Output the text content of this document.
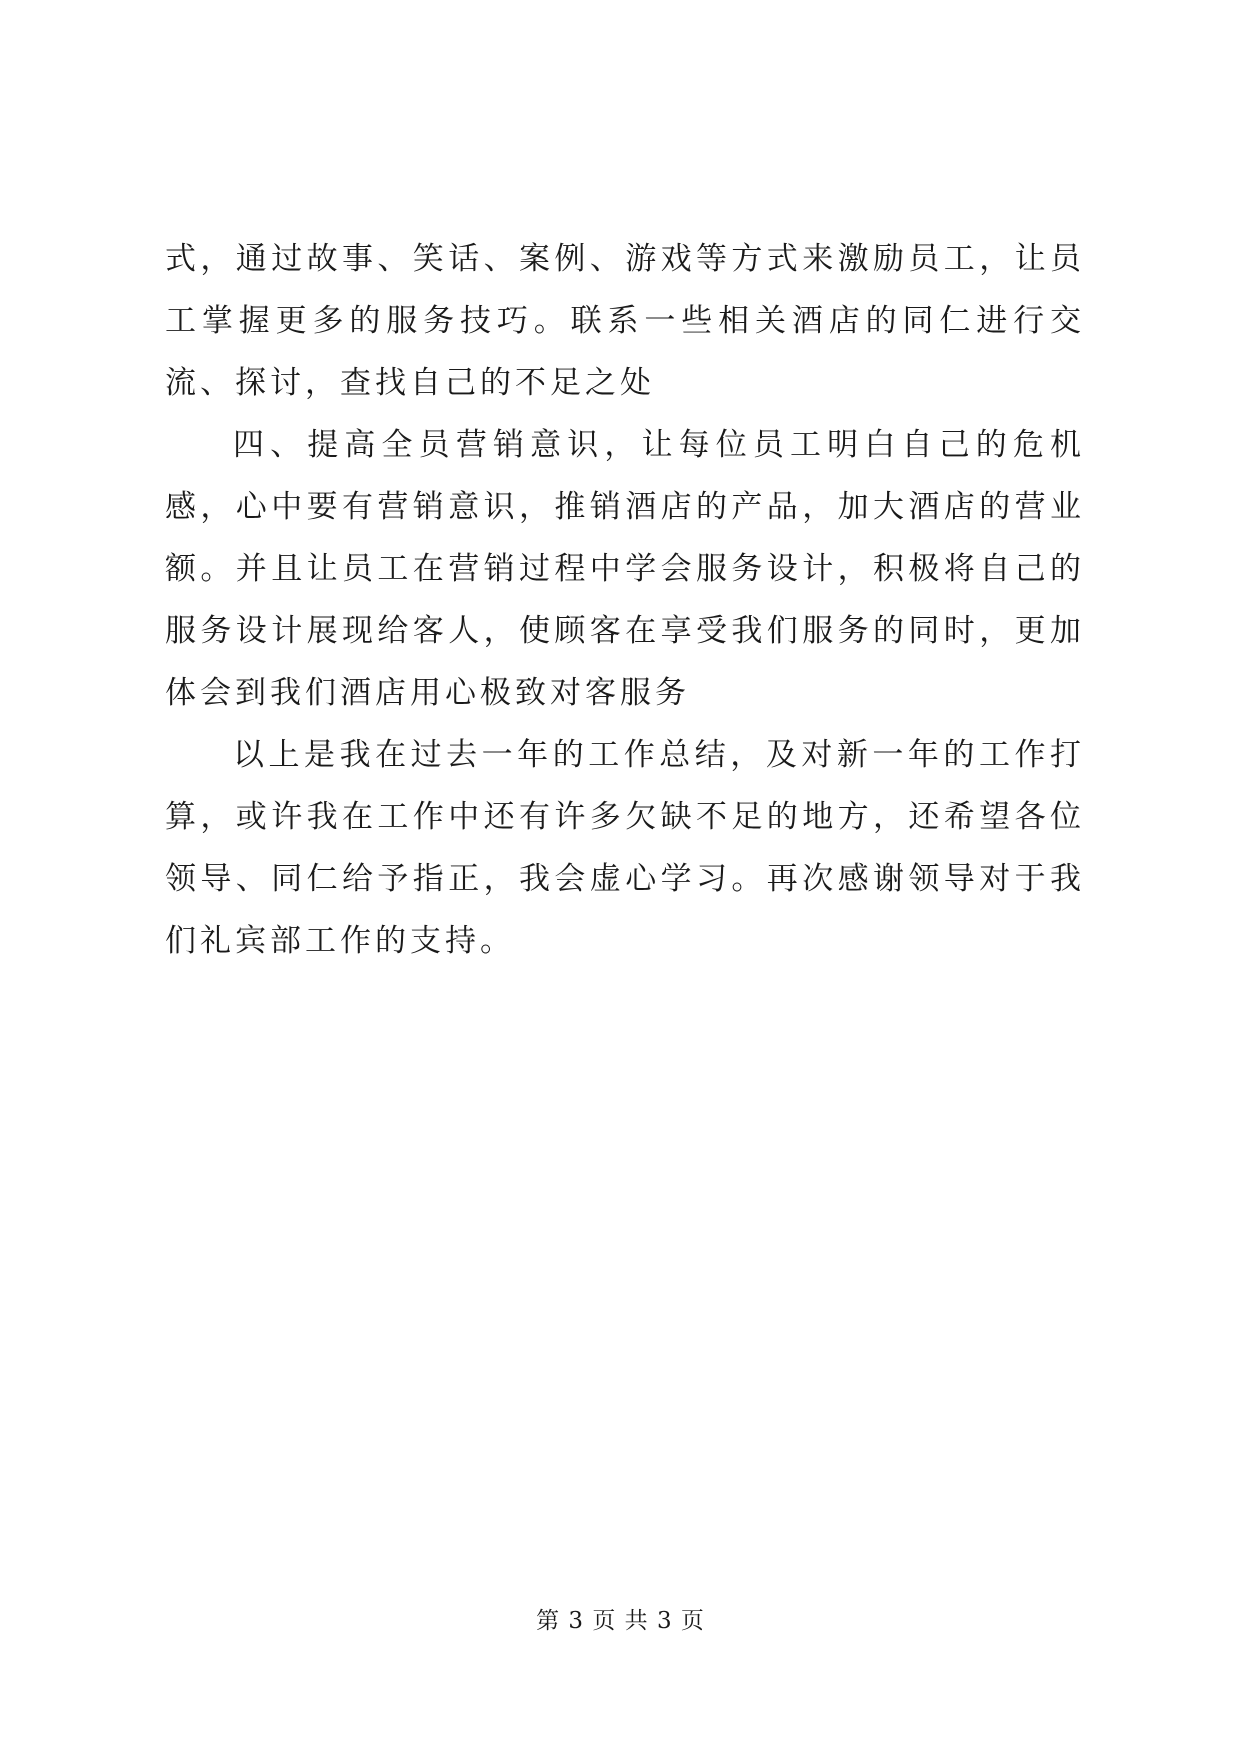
式，通过故事、笑话、案例、游戏等方式来激励员工，让员工掌握更多的服务技巧。联系一些相关酒店的同仁进行交流、探讨，查找自己的不足之处

四、提高全员营销意识，让每位员工明白自己的危机感，心中要有营销意识，推销酒店的产品，加大酒店的营业额。并且让员工在营销过程中学会服务设计，积极将自己的服务设计展现给客人，使顾客在享受我们服务的同时，更加体会到我们酒店用心极致对客服务

以上是我在过去一年的工作总结，及对新一年的工作打算，或许我在工作中还有许多欠缺不足的地方，还希望各位领导、同仁给予指正，我会虚心学习。再次感谢领导对于我们礼宾部工作的支持。

第 3 页 共 3 页
